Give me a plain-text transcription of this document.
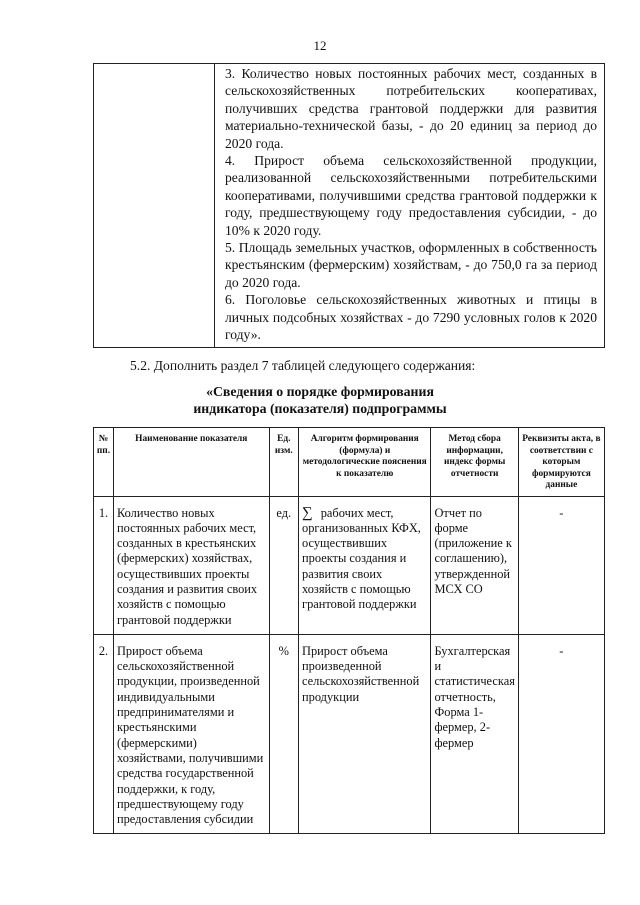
12

3. Количество новых постоянных рабочих мест, созданных в сельскохозяйственных потребительских кооперативах, получивших средства грантовой поддержки для развития материально-технической базы, - до 20 единиц за период до 2020 года.

4. Прирост объема сельскохозяйственной продукции, реализованной сельскохозяйственными потребительскими кооперативами, получившими средства грантовой поддержки к году, предшествующему году предоставления субсидии, - до 10% к 2020 году.

5. Площадь земельных участков, оформленных в собственность крестьянским (фермерским) хозяйствам, - до 750,0 га за период до 2020 года.

6. Поголовье сельскохозяйственных животных и птицы в личных подсобных хозяйствах - до 7290 условных голов к 2020 году».

5.2. Дополнить раздел 7 таблицей следующего содержания:
«Сведения о порядке формирования
индикатора (показателя) подпрограммы
№ пп.	Наименование показателя	Ед. изм.	Алгоритм формирования (формула) и методологические пояснения к показателю	Метод сбора информации, индекс формы отчетности	Реквизиты акта, в соответствии с которым формируются данные
1.	Количество новых постоянных рабочих мест, созданных в крестьянских (фермерских) хозяйствах, осуществивших проекты создания и развития своих хозяйств с помощью грантовой поддержки	ед.	∑ рабочих мест, организованных КФХ, осуществивших проекты создания и развития своих хозяйств с помощью грантовой поддержки	Отчет по форме (приложение к соглашению), утвержденной МСХ СО	-
2.	Прирост объема сельскохозяйственной продукции, произведенной индивидуальными предпринимателями и крестьянскими (фермерскими) хозяйствами, получившими средства государственной поддержки, к году, предшествующему году предоставления субсидии	%	Прирост объема произведенной сельскохозяйственной продукции	Бухгалтерская и статистическая отчетность, Форма 1-фермер, 2-фермер	-
